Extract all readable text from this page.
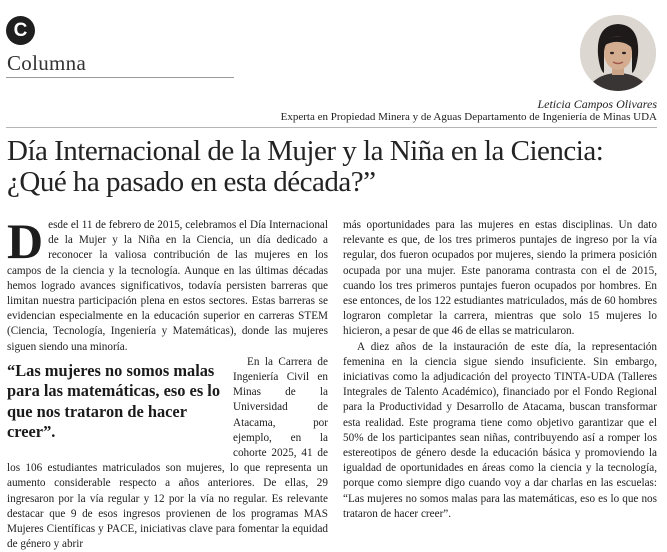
C
Columna
Leticia Campos Olivares
Experta en Propiedad Minera y de Aguas Departamento de Ingeniería de Minas UDA
Día Internacional de la Mujer y la Niña en la Ciencia:
¿Qué ha pasado en esta década?”

Desde el 11 de febrero de 2015, celebramos el Día Internacional de la Mujer y la Niña en la Ciencia, un día dedicado a reconocer la valiosa contribución de las mujeres en los campos de la ciencia y la tecnología. Aunque en las últimas décadas hemos logrado avances significativos, todavía persisten barreras que limitan nuestra participación plena en estos sectores. Estas barreras se evidencian especialmente en la educación superior en carreras STEM (Ciencia, Tecnología, Ingeniería y Matemáticas), donde las mujeres siguen siendo una minoría.

“Las mujeres no somos malas para las matemáticas, eso es lo que nos trataron de hacer creer”.

En la Carrera de Ingeniería Civil en Minas de la Universidad de Atacama, por ejemplo, en la cohorte 2025, 41 de los 106 estudiantes matriculados son mujeres, lo que representa un aumento considerable respecto a años anteriores. De ellas, 29 ingresaron por la vía regular y 12 por la vía no regular. Es relevante destacar que 9 de esos ingresos provienen de los programas MAS Mujeres Científicas y PACE, iniciativas clave para fomentar la equidad de género y abrir

más oportunidades para las mujeres en estas disciplinas. Un dato relevante es que, de los tres primeros puntajes de ingreso por la vía regular, dos fueron ocupados por mujeres, siendo la primera posición ocupada por una mujer. Este panorama contrasta con el de 2015, cuando los tres primeros puntajes fueron ocupados por hombres. En ese entonces, de los 122 estudiantes matriculados, más de 60 hombres lograron completar la carrera, mientras que solo 15 mujeres lo hicieron, a pesar de que 46 de ellas se matricularon.

A diez años de la instauración de este día, la representación femenina en la ciencia sigue siendo insuficiente. Sin embargo, iniciativas como la adjudicación del proyecto TINTA-UDA (Talleres Integrales de Talento Académico), financiado por el Fondo Regional para la Productividad y Desarrollo de Atacama, buscan transformar esta realidad. Este programa tiene como objetivo garantizar que el 50% de los participantes sean niñas, contribuyendo así a romper los estereotipos de género desde la educación básica y promoviendo la igualdad de oportunidades en áreas como la ciencia y la tecnología, porque como siempre digo cuando voy a dar charlas en las escuelas: “Las mujeres no somos malas para las matemáticas, eso es lo que nos trataron de hacer creer”.
